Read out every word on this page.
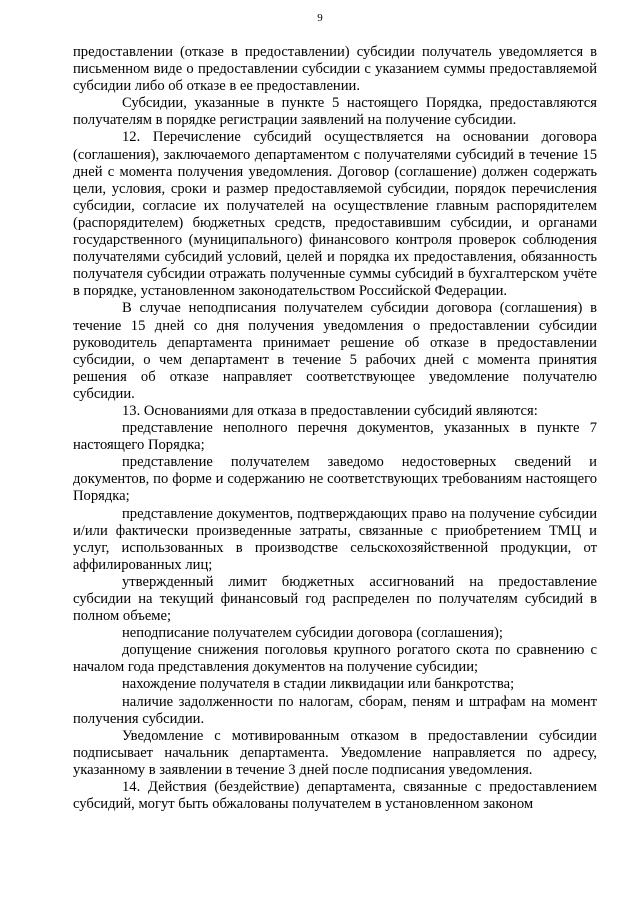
9

предоставлении (отказе в предоставлении) субсидии получатель уведомляется в письменном виде о предоставлении субсидии с указанием суммы предоставляемой субсидии либо об отказе в ее предоставлении.

Субсидии, указанные в пункте 5 настоящего Порядка, предоставляются получателям в порядке регистрации заявлений на получение субсидии.

12. Перечисление субсидий осуществляется на основании договора (соглашения), заключаемого департаментом с получателями субсидий в течение 15 дней с момента получения уведомления. Договор (соглашение) должен содержать цели, условия, сроки и размер предоставляемой субсидии, порядок перечисления субсидии, согласие их получателей на осуществление главным распорядителем (распорядителем) бюджетных средств, предоставившим субсидии, и органами государственного (муниципального) финансового контроля проверок соблюдения получателями субсидий условий, целей и порядка их предоставления, обязанность получателя субсидии отражать полученные суммы субсидий в бухгалтерском учёте в порядке, установленном законодательством Российской Федерации.

В случае неподписания получателем субсидии договора (соглашения) в течение 15 дней со дня получения уведомления о предоставлении субсидии руководитель департамента принимает решение об отказе в предоставлении субсидии, о чем департамент в течение 5 рабочих дней с момента принятия решения об отказе направляет соответствующее уведомление получателю субсидии.

13. Основаниями для отказа в предоставлении субсидий являются:

представление неполного перечня документов, указанных в пункте 7 настоящего Порядка;

представление получателем заведомо недостоверных сведений и документов, по форме и содержанию не соответствующих требованиям настоящего Порядка;

представление документов, подтверждающих право на получение субсидии и/или фактически произведенные затраты, связанные с приобретением ТМЦ и услуг, использованных в производстве сельскохозяйственной продукции, от аффилированных лиц;

утвержденный лимит бюджетных ассигнований на предоставление субсидии на текущий финансовый год распределен по получателям субсидий в полном объеме;

неподписание получателем субсидии договора (соглашения);

допущение снижения поголовья крупного рогатого скота по сравнению с началом года представления документов на получение субсидии;

нахождение получателя в стадии ликвидации или банкротства;

наличие задолженности по налогам, сборам, пеням и штрафам на момент получения субсидии.

Уведомление с мотивированным отказом в предоставлении субсидии подписывает начальник департамента. Уведомление направляется по адресу, указанному в заявлении в течение 3 дней после подписания уведомления.

14. Действия (бездействие) департамента, связанные с предоставлением субсидий, могут быть обжалованы получателем в установленном законом
